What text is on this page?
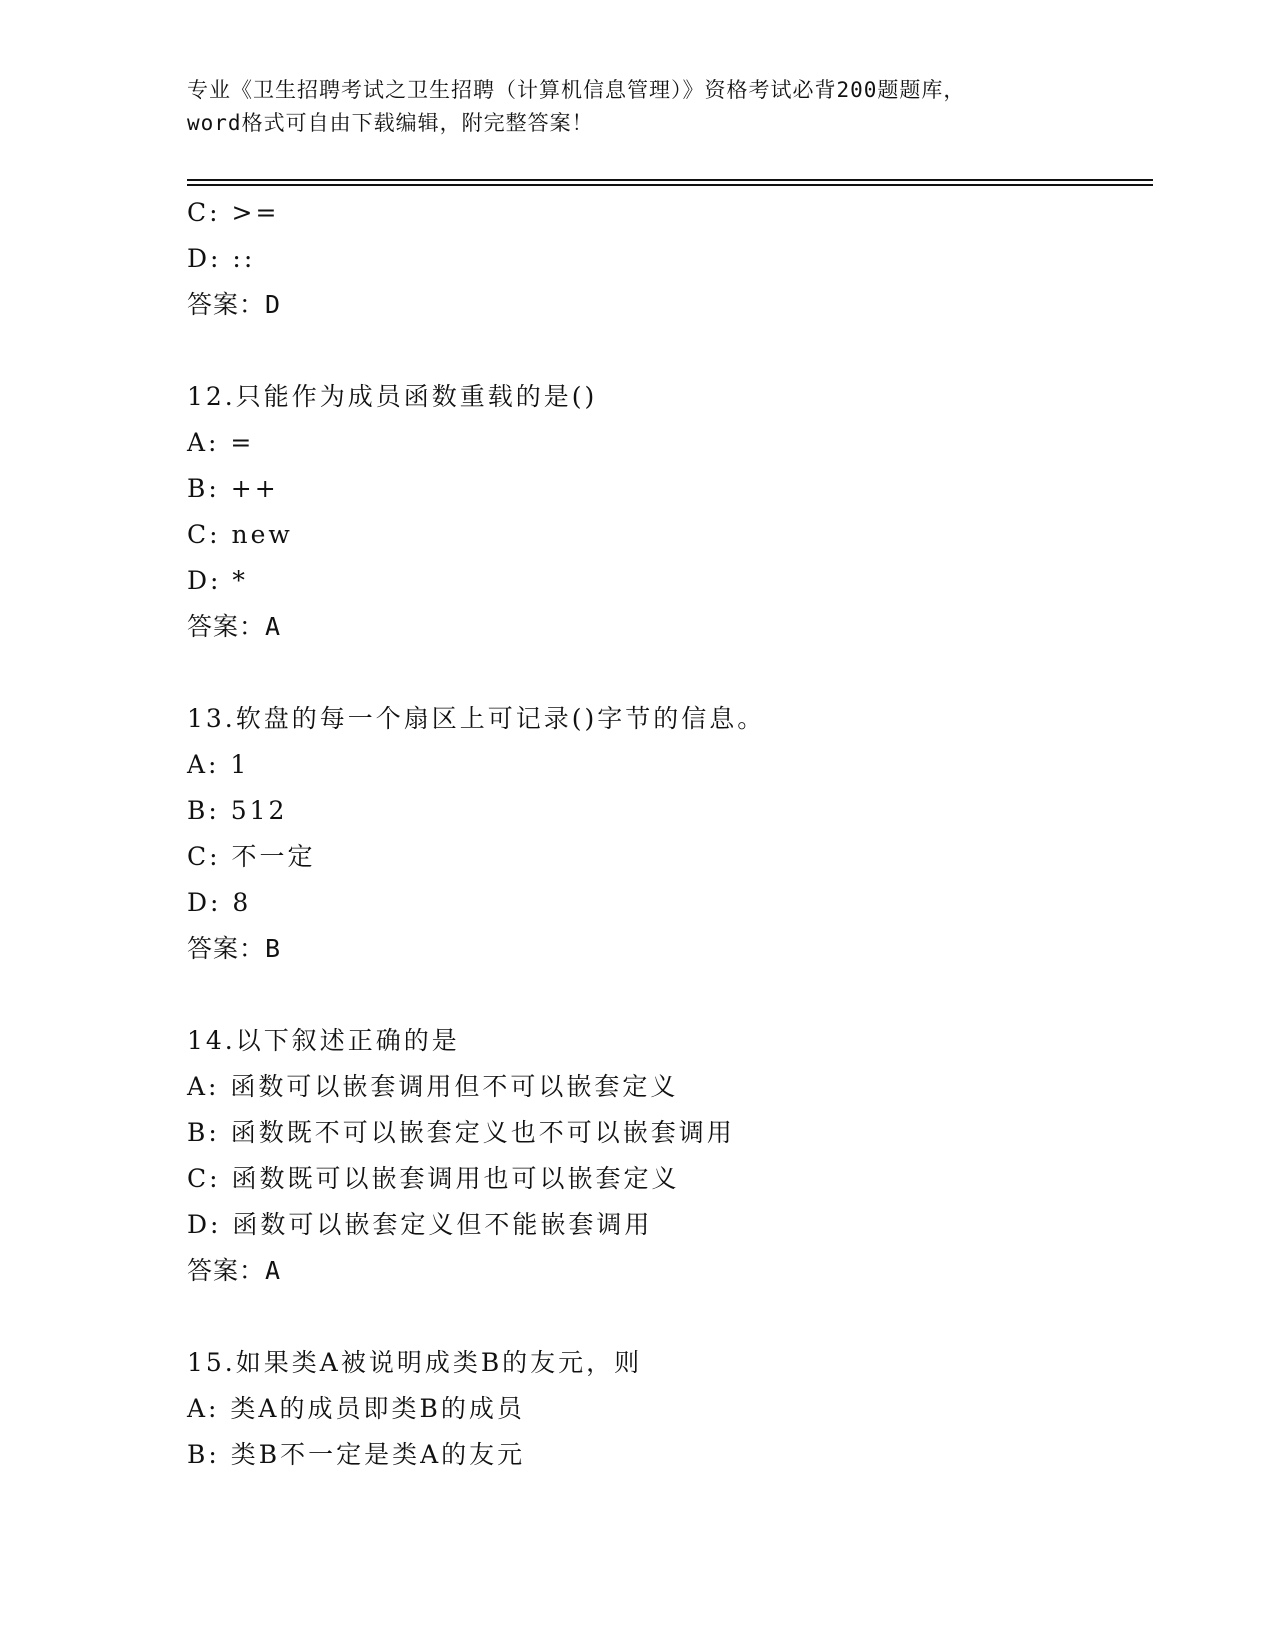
专业《卫生招聘考试之卫生招聘（计算机信息管理）》资格考试必背200题题库，
word格式可自由下载编辑，附完整答案！
C: >=
D: ::
答案：D
12.只能作为成员函数重载的是()
A: =
B: ++
C: new
D: *
答案：A
13.软盘的每一个扇区上可记录()字节的信息。
A: 1
B: 512
C: 不一定
D: 8
答案：B
14.以下叙述正确的是
A: 函数可以嵌套调用但不可以嵌套定义
B: 函数既不可以嵌套定义也不可以嵌套调用
C: 函数既可以嵌套调用也可以嵌套定义
D: 函数可以嵌套定义但不能嵌套调用
答案：A
15.如果类A被说明成类B的友元，则
A: 类A的成员即类B的成员
B: 类B不一定是类A的友元
